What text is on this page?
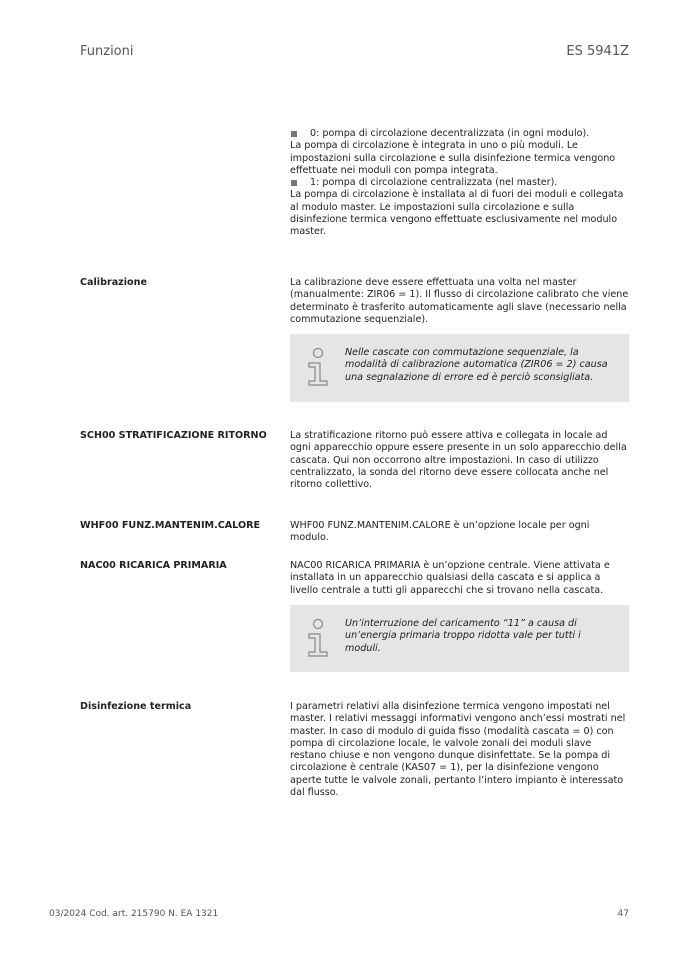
Funzioni	ES 5941Z
0: pompa di circolazione decentralizzata (in ogni modulo).

La pompa di circolazione è integrata in uno o più moduli. Le impostazioni sulla circolazione e sulla disinfezione termica vengono effettuate nei moduli con pompa integrata.

1: pompa di circolazione centralizzata (nel master).

La pompa di circolazione è installata al di fuori dei moduli e collegata al modulo master. Le impostazioni sulla circolazione e sulla disinfezione termica vengono effettuate esclusivamente nel modulo master.

Calibrazione	La calibrazione deve essere effettuata una volta nel master (manualmente: ZIR06 = 1). Il flusso di circolazione calibrato che viene determinato è trasferito automaticamente agli slave (necessario nella commutazione sequenziale).

Nelle cascate con commutazione sequenziale, la modalità di calibrazione automatica (ZIR06 = 2) causa una segnalazione di errore ed è perciò sconsigliata.
SCH00 STRATIFICAZIONE RITORNO	La stratificazione ritorno può essere attiva e collegata in locale ad ogni apparecchio oppure essere presente in un solo apparecchio della cascata. Qui non occorrono altre impostazioni. In caso di utilizzo centralizzato, la sonda del ritorno deve essere collocata anche nel ritorno collettivo.

WHF00 FUNZ.MANTENIM.CALORE	WHF00 FUNZ.MANTENIM.CALORE è un’opzione locale per ogni modulo.

NAC00 RICARICA PRIMARIA	NAC00 RICARICA PRIMARIA è un’opzione centrale. Viene attivata e installata in un apparecchio qualsiasi della cascata e si applica a livello centrale a tutti gli apparecchi che si trovano nella cascata.

Un’interruzione del caricamento “11” a causa di un’energia primaria troppo ridotta vale per tutti i moduli.
Disinfezione termica	I parametri relativi alla disinfezione termica vengono impostati nel master. I relativi messaggi informativi vengono anch’essi mostrati nel master. In caso di modulo di guida fisso (modalità cascata = 0) con pompa di circolazione locale, le valvole zonali dei moduli slave restano chiuse e non vengono dunque disinfettate. Se la pompa di circolazione è centrale (KAS07 = 1), per la disinfezione vengono aperte tutte le valvole zonali, pertanto l’intero impianto è interessato dal flusso.

03/2024 Cod. art. 215790 N. EA 1321	47
